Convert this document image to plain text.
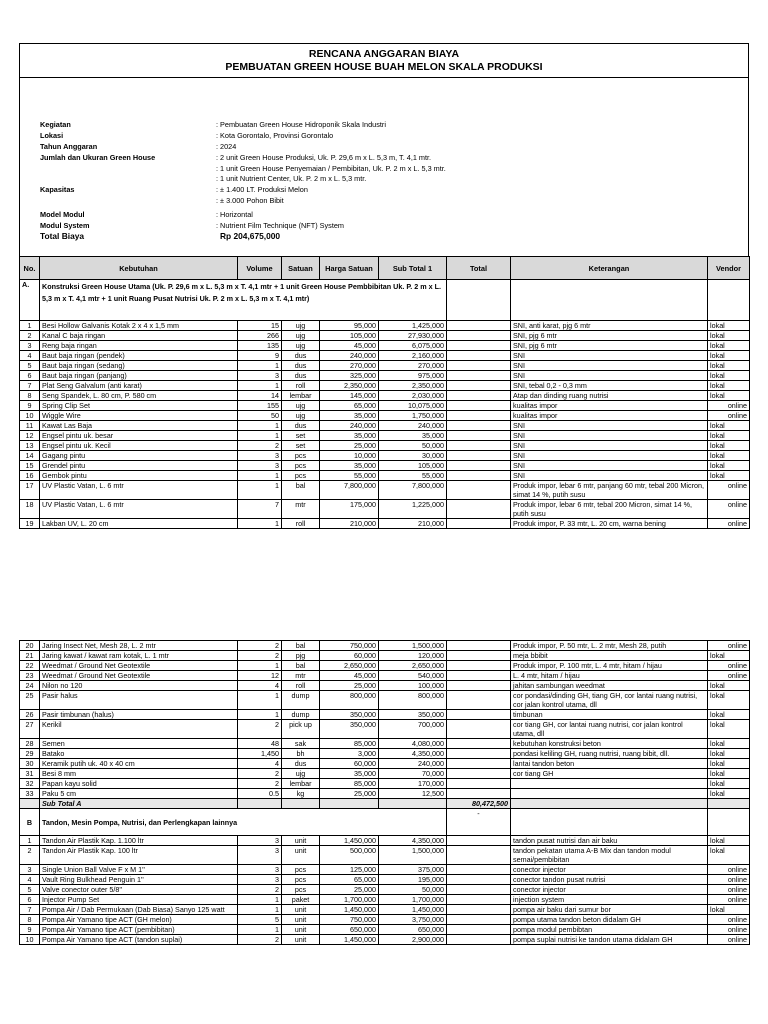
RENCANA ANGGARAN BIAYA
PEMBUATAN GREEN HOUSE BUAH MELON SKALA PRODUKSI
Kegiatan	: Pembuatan Green House Hidroponik Skala Industri
Lokasi	: Kota Gorontalo, Provinsi Gorontalo
Tahun Anggaran	: 2024
Jumlah dan Ukuran Green House	: 2 unit Green House Produksi, Uk. P. 29,6 m x L. 5,3 m, T. 4,1 mtr.
: 1 unit Green House Penyemaian / Pembibitan, Uk. P. 2 m x L. 5,3 mtr.
: 1 unit Nutrient Center, Uk. P. 2 m x L. 5,3 mtr.
Kapasitas	: ± 1.400 LT. Produksi Melon
: ± 3.000 Pohon Bibit
Model Modul	: Horizontal
Modul System	: Nutrient Film Technique (NFT) System
Total Biaya	Rp 204,675,000
No.	Kebutuhan	Volume	Satuan	Harga Satuan	Sub Total 1	Total	Keterangan	Vendor
A.	Konstruksi Green House Utama (Uk. P. 29,6 m x L. 5,3 m x T. 4,1 mtr + 1 unit Green House Pembbibitan Uk. P. 2 m x L. 5,3 m x T. 4,1 mtr + 1 unit Ruang Pusat Nutrisi Uk. P. 2 m x L. 5,3 m x T. 4,1 mtr)							
1	Besi Hollow Galvanis Kotak 2 x 4 x 1,5 mm	15	ujg	95,000	1,425,000		SNI, anti karat, pjg 6 mtr	lokal
2	Kanal C baja ringan	266	ujg	105,000	27,930,000		SNI, pjg 6 mtr	lokal
3	Reng baja ringan	135	ujg	45,000	6,075,000		SNI, pjg 6 mtr	lokal
4	Baut baja ringan (pendek)	9	dus	240,000	2,160,000		SNI	lokal
5	Baut baja ringan (sedang)	1	dus	270,000	270,000		SNI	lokal
6	Baut baja ringan (panjang)	3	dus	325,000	975,000		SNI	lokal
7	Plat Seng Galvalum (anti karat)	1	roll	2,350,000	2,350,000		SNI, tebal 0,2 - 0,3 mm	lokal
8	Seng Spandek, L. 80 cm, P. 580 cm	14	lembar	145,000	2,030,000		Atap dan dinding ruang nutrisi	lokal
9	Spring Clip Set	155	ujg	65,000	10,075,000		kualitas impor	online
10	Wiggle Wire	50	ujg	35,000	1,750,000		kualitas impor	online
11	Kawat Las Baja	1	dus	240,000	240,000		SNI	lokal
12	Engsel pintu uk. besar	1	set	35,000	35,000		SNI	lokal
13	Engsel pintu uk. Kecil	2	set	25,000	50,000		SNI	lokal
14	Gagang pintu	3	pcs	10,000	30,000		SNI	lokal
15	Grendel pintu	3	pcs	35,000	105,000		SNI	lokal
16	Gembok pintu	1	pcs	55,000	55,000		SNI	lokal
17	UV Plastic Vatan, L. 6 mtr	1	bal	7,800,000	7,800,000		Produk impor, lebar 6 mtr, panjang 60 mtr, tebal 200 Micron, simat 14 %, putih susu	online
18	UV Plastic Vatan, L. 6 mtr	7	mtr	175,000	1,225,000		Produk impor, lebar 6 mtr, tebal 200 Micron, simat 14 %, putih susu	online
19	Lakban UV, L. 20 cm	1	roll	210,000	210,000		Produk impor, P. 33 mtr, L. 20 cm, warna bening	online
20	Jaring Insect Net, Mesh 28, L. 2 mtr	2	bal	750,000	1,500,000		Produk impor, P. 50 mtr, L. 2 mtr, Mesh 28, putih	online
21	Jaring kawat / kawat ram kotak, L. 1 mtr	2	pjg	60,000	120,000		meja bbibit	lokal
22	Weedmat / Ground Net Geotextile	1	bal	2,650,000	2,650,000		Produk impor, P. 100 mtr, L. 4 mtr, hitam / hijau	online
23	Weedmat / Ground Net Geotextile	12	mtr	45,000	540,000		L. 4 mtr, hitam / hijau	online
24	Nilon no 120	4	roll	25,000	100,000		jahitan sambungan weedmat	lokal
25	Pasir halus	1	dump	800,000	800,000		cor pondasi/dinding GH, tiang GH, cor lantai ruang nutrisi, cor jalan kontrol utama, dll	lokal
26	Pasir timbunan (halus)	1	dump	350,000	350,000		timbunan	lokal
27	Kerikil	2	pick up	350,000	700,000		cor tiang GH, cor lantai ruang nutrisi, cor jalan kontrol utama, dll	lokal
28	Semen	48	sak	85,000	4,080,000		kebutuhan konstruksi beton	lokal
29	Batako	1,450	bh	3,000	4,350,000		pondasi keliling GH, ruang nutrisi, ruang bibit, dll.	lokal
30	Keramik putih uk. 40 x 40 cm	4	dus	60,000	240,000		lantai tandon beton	lokal
31	Besi 8 mm	2	ujg	35,000	70,000		cor tiang GH	lokal
32	Papan kayu solid	2	lembar	85,000	170,000			lokal
33	Paku 5 cm	0.5	kg	25,000	12,500			lokal
	Sub Total A					80,472,500		
B	Tandon, Mesin Pompa, Nutrisi, dan Perlengkapan lainnya					-		
1	Tandon Air Plastik Kap. 1.100 ltr	3	unit	1,450,000	4,350,000		tandon pusat nutrisi dan air baku	lokal
2	Tandon Air Plastik Kap. 100 ltr	3	unit	500,000	1,500,000		tandon pekatan utama A-B Mix dan tandon modul semai/pembibitan	lokal
3	Single Union Ball Valve F x M 1''	3	pcs	125,000	375,000		conector injector	online
4	Vault Ring Bulkhead Penguin 1''	3	pcs	65,000	195,000		conector tandon pusat nutrisi	online
5	Valve conector outer 5/8''	2	pcs	25,000	50,000		conector injector	online
6	Injector Pump Set	1	paket	1,700,000	1,700,000		injection system	online
7	Pompa Air / Dab Permukaan (Dab Biasa) Sanyo 125 watt	1	unit	1,450,000	1,450,000		pompa air baku dari sumur bor	lokal
8	Pompa Air Yamano tipe ACT (GH melon)	5	unit	750,000	3,750,000		pompa utama tandon beton didalam GH	online
9	Pompa Air Yamano tipe ACT (pembibitan)	1	unit	650,000	650,000		pompa modul pembibtan	online
10	Pompa Air Yamano tipe ACT (tandon suplai)	2	unit	1,450,000	2,900,000		pompa suplai nutrisi ke tandon utama didalam GH	online
